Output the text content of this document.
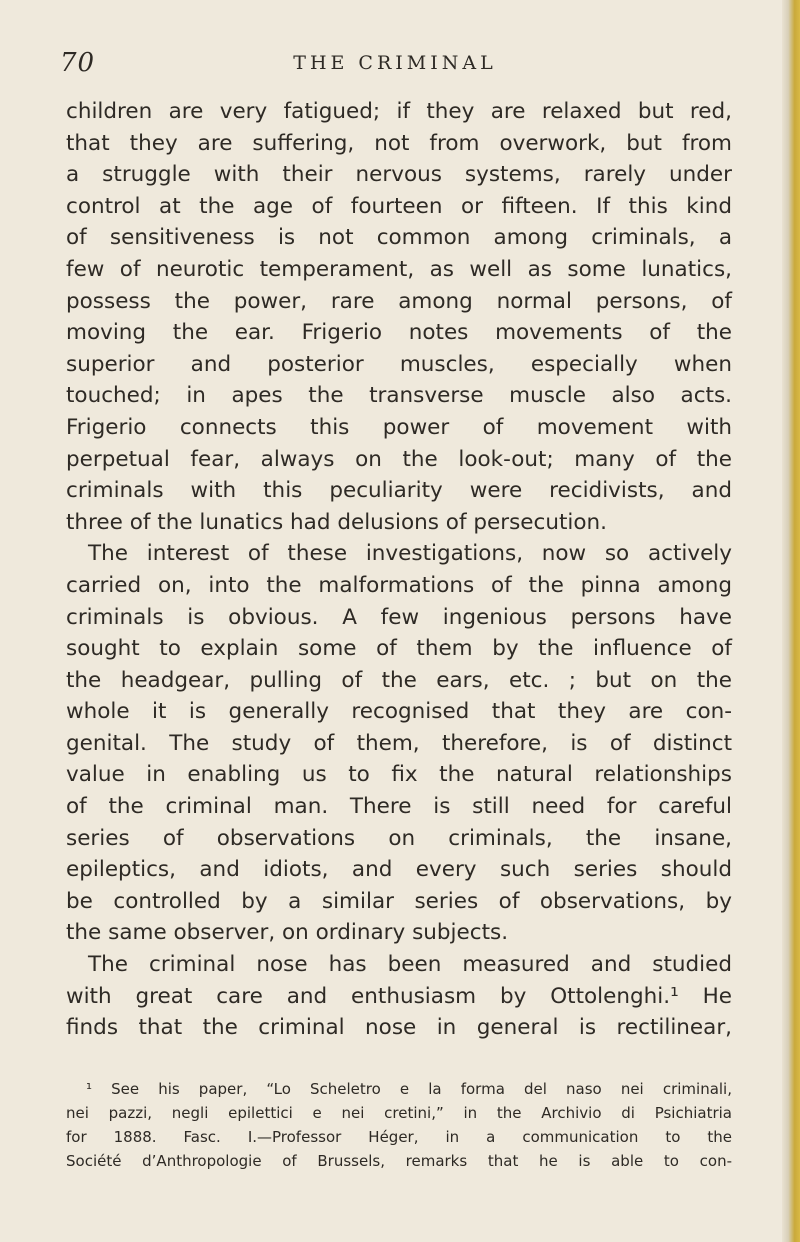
70	THE CRIMINAL
children are very fatigued; if they are relaxed but red,
that they are suffering, not from overwork, but from
a struggle with their nervous systems, rarely under
control at the age of fourteen or fifteen. If this kind
of sensitiveness is not common among criminals, a
few of neurotic temperament, as well as some lunatics,
possess the power, rare among normal persons, of
moving the ear. Frigerio notes movements of the
superior and posterior muscles, especially when
touched; in apes the transverse muscle also acts.
Frigerio connects this power of movement with
perpetual fear, always on the look-out; many of the
criminals with this peculiarity were recidivists, and
three of the lunatics had delusions of persecution.
The interest of these investigations, now so actively
carried on, into the malformations of the pinna among
criminals is obvious. A few ingenious persons have
sought to explain some of them by the influence of
the headgear, pulling of the ears, etc. ; but on the
whole it is generally recognised that they are con-
genital. The study of them, therefore, is of distinct
value in enabling us to fix the natural relationships
of the criminal man. There is still need for careful
series of observations on criminals, the insane,
epileptics, and idiots, and every such series should
be controlled by a similar series of observations, by
the same observer, on ordinary subjects.
The criminal nose has been measured and studied
with great care and enthusiasm by Ottolenghi.¹ He
finds that the criminal nose in general is rectilinear,
¹ See his paper, “Lo Scheletro e la forma del naso nei criminali,
nei pazzi, negli epilettici e nei cretini,” in the Archivio di Psichiatria
for 1888. Fasc. I.—Professor Héger, in a communication to the
Société d’Anthropologie of Brussels, remarks that he is able to con-
